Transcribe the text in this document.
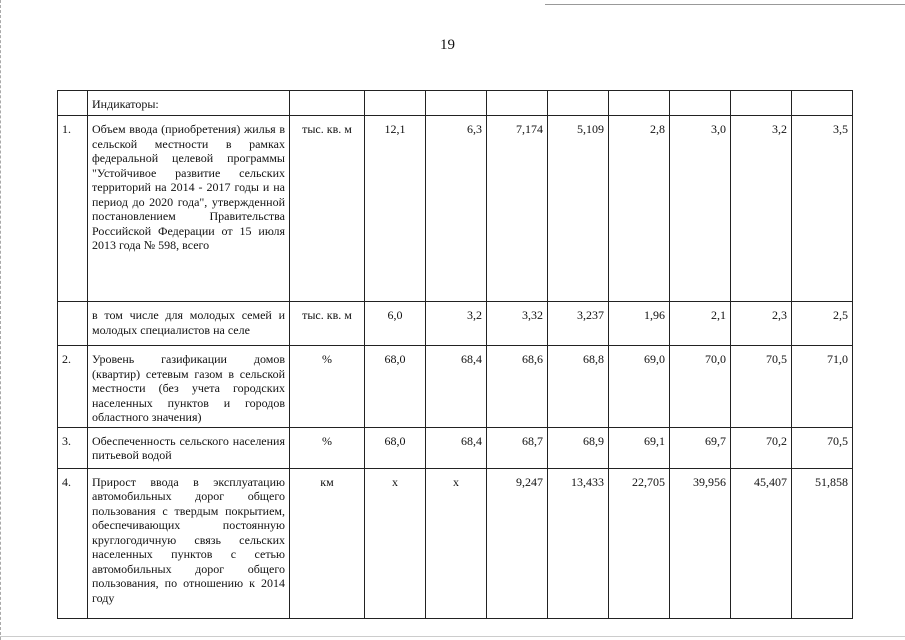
19
	Индикаторы:									
1.	Объем ввода (приобретения) жилья в сельской местности в рамках федеральной целевой программы "Устойчивое развитие сельских территорий на 2014 - 2017 годы и на период до 2020 года", утвержденной постановлением Правительства Российской Федерации от 15 июля 2013 года № 598, всего	тыс. кв. м	12,1	6,3	7,174	5,109	2,8	3,0	3,2	3,5
	в том числе для молодых семей и молодых специалистов на селе	тыс. кв. м	6,0	3,2	3,32	3,237	1,96	2,1	2,3	2,5
2.	Уровень газификации домов (квартир) сетевым газом в сельской местности (без учета городских населенных пунктов и городов областного значения)	%	68,0	68,4	68,6	68,8	69,0	70,0	70,5	71,0
3.	Обеспеченность сельского населения питьевой водой	%	68,0	68,4	68,7	68,9	69,1	69,7	70,2	70,5
4.	Прирост ввода в эксплуатацию автомобильных дорог общего пользования с твердым покрытием, обеспечивающих постоянную круглогодичную связь сельских населенных пунктов с сетью автомобильных дорог общего пользования, по отношению к 2014 году	км	х	х	9,247	13,433	22,705	39,956	45,407	51,858
